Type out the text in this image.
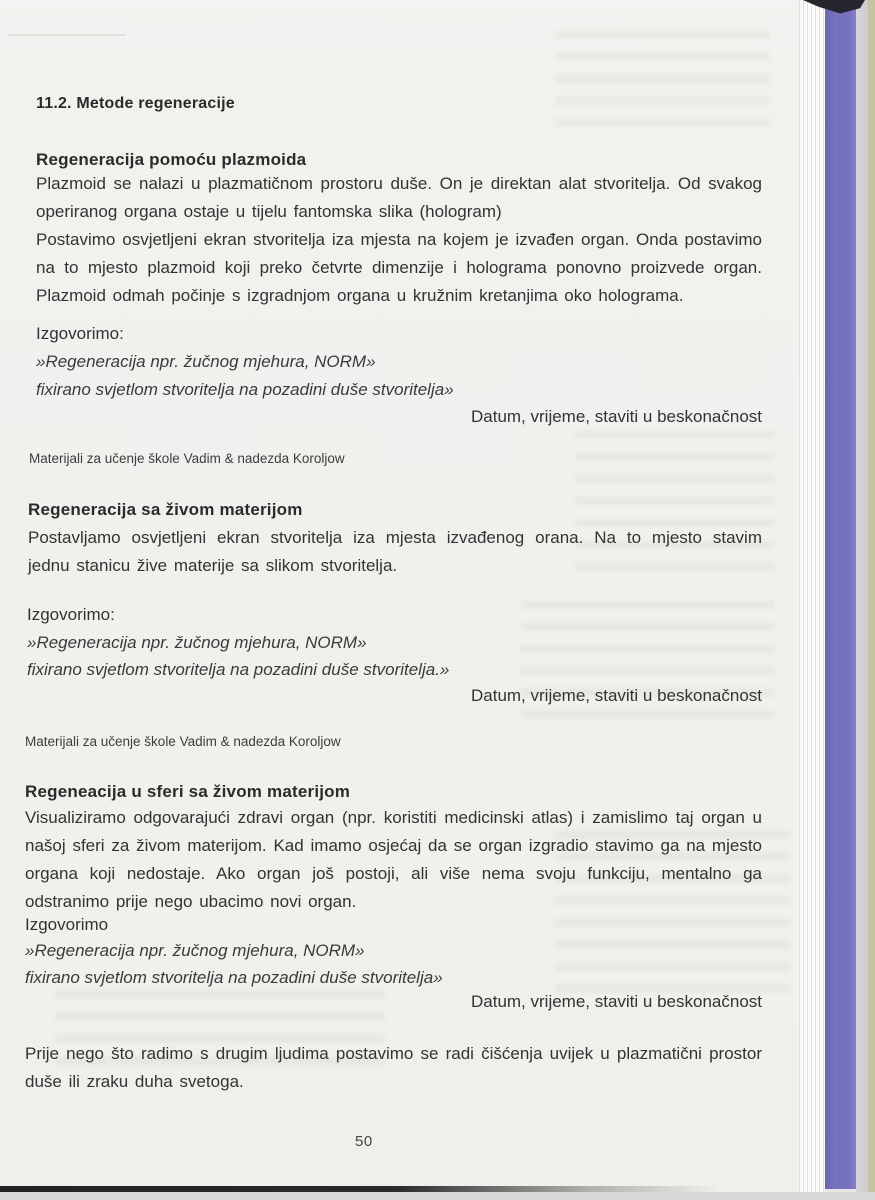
11.2. Metode regeneracije
Regeneracija pomoću plazmoida
Plazmoid se nalazi u plazmatičnom prostoru duše. On je direktan alat stvoritelja. Od svakog operiranog organa ostaje u tijelu fantomska slika (hologram)
Postavimo osvjetljeni ekran stvoritelja iza mjesta na kojem je izvađen organ. Onda postavimo na to mjesto plazmoid koji preko četvrte dimenzije i holograma ponovno proizvede organ. Plazmoid odmah počinje s izgradnjom organa u kružnim kretanjima oko holograma.
Izgovorimo:
»Regeneracija npr. žučnog mjehura, NORM»
fixirano svjetlom stvoritelja na pozadini duše stvoritelja»
Datum, vrijeme, staviti u beskonačnost
Materijali za učenje škole Vadim & nadezda Koroljow
Regeneracija sa živom materijom
Postavljamo osvjetljeni ekran stvoritelja iza mjesta izvađenog orana. Na to mjesto stavim jednu stanicu žive materije sa slikom stvoritelja.
Izgovorimo:
»Regeneracija npr. žučnog mjehura, NORM»
fixirano svjetlom stvoritelja na pozadini duše stvoritelja.»
Datum, vrijeme, staviti u beskonačnost
Materijali za učenje škole Vadim & nadezda Koroljow
Regeneacija u sferi sa živom materijom
Visualiziramo odgovarajući zdravi organ (npr. koristiti medicinski atlas) i zamislimo taj organ u našoj sferi za živom materijom. Kad imamo osjećaj da se organ izgradio stavimo ga na mjesto organa koji nedostaje. Ako organ još postoji, ali više nema svoju funkciju, mentalno ga odstranimo prije nego ubacimo novi organ.
Izgovorimo
»Regeneracija npr. žučnog mjehura, NORM»
fixirano svjetlom stvoritelja na pozadini duše stvoritelja»
Datum, vrijeme, staviti u beskonačnost
Prije nego što radimo s drugim ljudima postavimo se radi čišćenja uvijek u plazmatični prostor duše ili zraku duha svetoga.
50
